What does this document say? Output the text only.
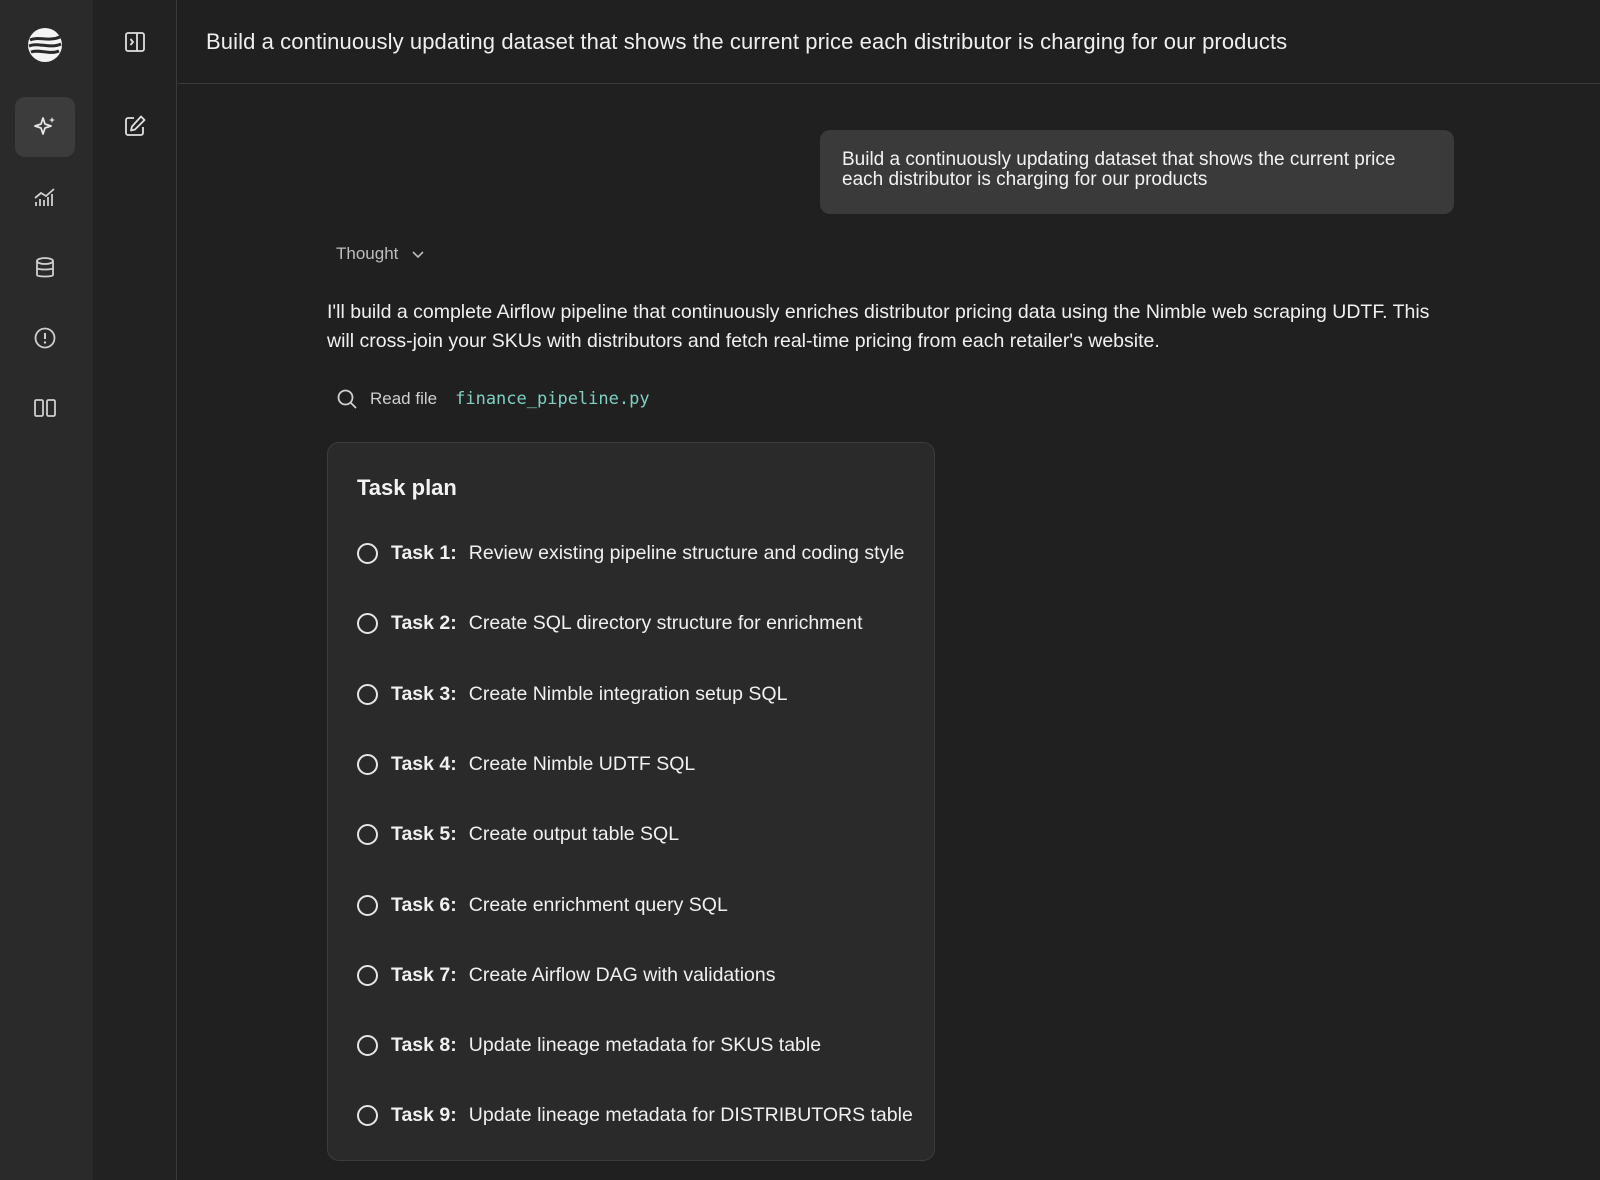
Build a continuously updating dataset that shows the current price each distributor is charging for our products
Build a continuously updating dataset that shows the current price each distributor is charging for our products
Thought
I'll build a complete Airflow pipeline that continuously enriches distributor pricing data using the Nimble web scraping UDTF. This will cross-join your SKUs with distributors and fetch real-time pricing from each retailer's website.
Read file finance_pipeline.py
Task plan
Task 1: Review existing pipeline structure and coding style
Task 2: Create SQL directory structure for enrichment
Task 3: Create Nimble integration setup SQL
Task 4: Create Nimble UDTF SQL
Task 5: Create output table SQL
Task 6: Create enrichment query SQL
Task 7: Create Airflow DAG with validations
Task 8: Update lineage metadata for SKUS table
Task 9: Update lineage metadata for DISTRIBUTORS table
